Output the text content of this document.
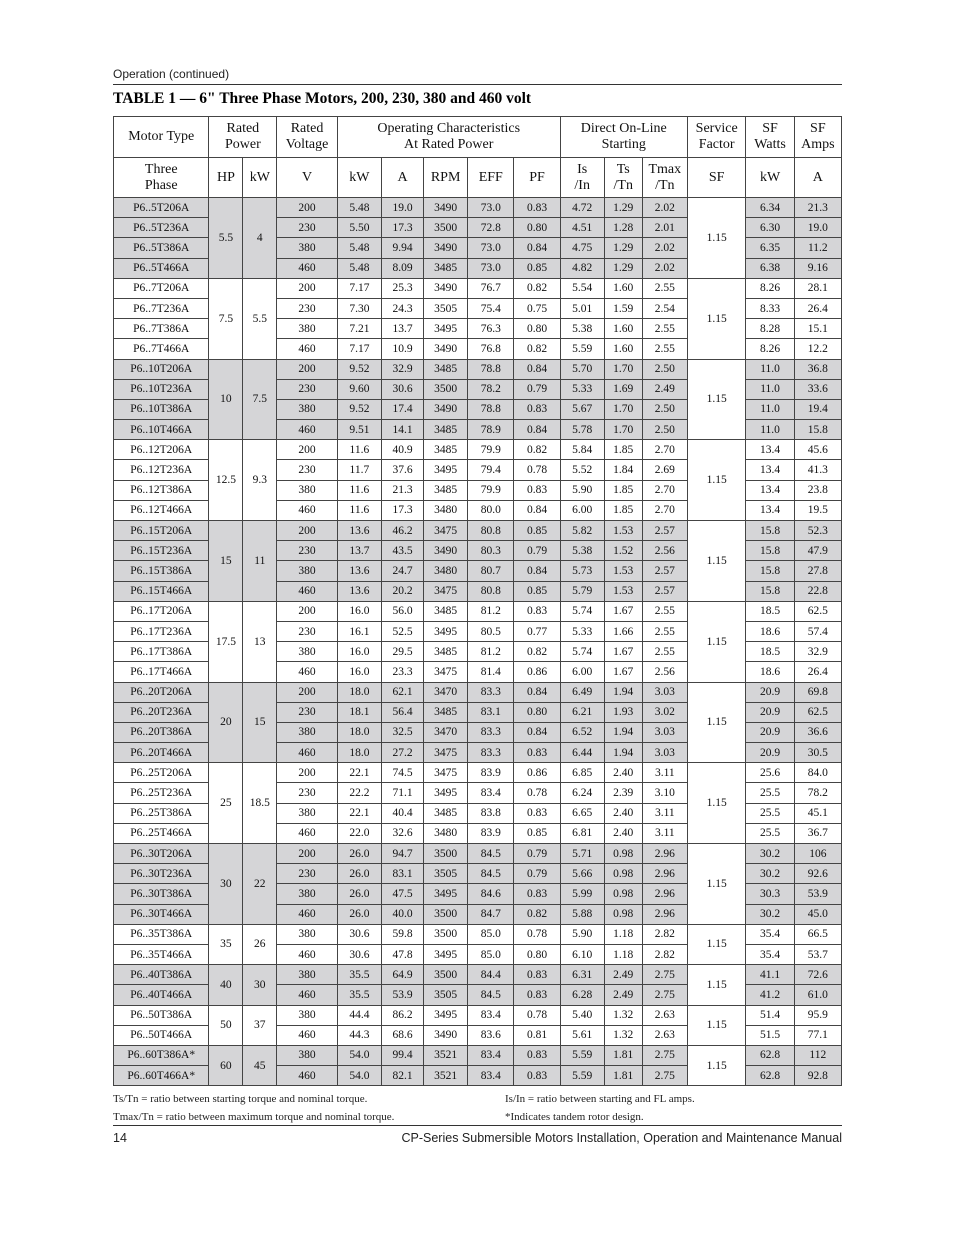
Operation (continued)
TABLE 1 — 6" Three Phase Motors, 200, 230, 380 and 460 volt
Motor Type	Rated Power		Rated Voltage	Operating Characteristics At Rated Power					Direct On-Line Starting			Service Factor	SF Watts	SF Amps
Three Phase	HP	kW	V	kW	A	RPM	EFF	PF	Is /In	Ts /Tn	Tmax /Tn	SF	kW	A
P6..5T206A	5.5	4	200	5.48	19.0	3490	73.0	0.83	4.72	1.29	2.02	1.15	6.34	21.3
P6..5T236A			230	5.50	17.3	3500	72.8	0.80	4.51	1.28	2.01		6.30	19.0
P6..5T386A			380	5.48	9.94	3490	73.0	0.84	4.75	1.29	2.02		6.35	11.2
P6..5T466A			460	5.48	8.09	3485	73.0	0.85	4.82	1.29	2.02		6.38	9.16
P6..7T206A	7.5	5.5	200	7.17	25.3	3490	76.7	0.82	5.54	1.60	2.55	1.15	8.26	28.1
P6..7T236A			230	7.30	24.3	3505	75.4	0.75	5.01	1.59	2.54		8.33	26.4
P6..7T386A			380	7.21	13.7	3495	76.3	0.80	5.38	1.60	2.55		8.28	15.1
P6..7T466A			460	7.17	10.9	3490	76.8	0.82	5.59	1.60	2.55		8.26	12.2
P6..10T206A	10	7.5	200	9.52	32.9	3485	78.8	0.84	5.70	1.70	2.50	1.15	11.0	36.8
P6..10T236A			230	9.60	30.6	3500	78.2	0.79	5.33	1.69	2.49		11.0	33.6
P6..10T386A			380	9.52	17.4	3490	78.8	0.83	5.67	1.70	2.50		11.0	19.4
P6..10T466A			460	9.51	14.1	3485	78.9	0.84	5.78	1.70	2.50		11.0	15.8
P6..12T206A	12.5	9.3	200	11.6	40.9	3485	79.9	0.82	5.84	1.85	2.70	1.15	13.4	45.6
P6..12T236A			230	11.7	37.6	3495	79.4	0.78	5.52	1.84	2.69		13.4	41.3
P6..12T386A			380	11.6	21.3	3485	79.9	0.83	5.90	1.85	2.70		13.4	23.8
P6..12T466A			460	11.6	17.3	3480	80.0	0.84	6.00	1.85	2.70		13.4	19.5
P6..15T206A	15	11	200	13.6	46.2	3475	80.8	0.85	5.82	1.53	2.57	1.15	15.8	52.3
P6..15T236A			230	13.7	43.5	3490	80.3	0.79	5.38	1.52	2.56		15.8	47.9
P6..15T386A			380	13.6	24.7	3480	80.7	0.84	5.73	1.53	2.57		15.8	27.8
P6..15T466A			460	13.6	20.2	3475	80.8	0.85	5.79	1.53	2.57		15.8	22.8
P6..17T206A	17.5	13	200	16.0	56.0	3485	81.2	0.83	5.74	1.67	2.55	1.15	18.5	62.5
P6..17T236A			230	16.1	52.5	3495	80.5	0.77	5.33	1.66	2.55		18.6	57.4
P6..17T386A			380	16.0	29.5	3485	81.2	0.82	5.74	1.67	2.55		18.5	32.9
P6..17T466A			460	16.0	23.3	3475	81.4	0.86	6.00	1.67	2.56		18.6	26.4
P6..20T206A	20	15	200	18.0	62.1	3470	83.3	0.84	6.49	1.94	3.03	1.15	20.9	69.8
P6..20T236A			230	18.1	56.4	3485	83.1	0.80	6.21	1.93	3.02		20.9	62.5
P6..20T386A			380	18.0	32.5	3470	83.3	0.84	6.52	1.94	3.03		20.9	36.6
P6..20T466A			460	18.0	27.2	3475	83.3	0.83	6.44	1.94	3.03		20.9	30.5
P6..25T206A	25	18.5	200	22.1	74.5	3475	83.9	0.86	6.85	2.40	3.11	1.15	25.6	84.0
P6..25T236A			230	22.2	71.1	3495	83.4	0.78	6.24	2.39	3.10		25.5	78.2
P6..25T386A			380	22.1	40.4	3485	83.8	0.83	6.65	2.40	3.11		25.5	45.1
P6..25T466A			460	22.0	32.6	3480	83.9	0.85	6.81	2.40	3.11		25.5	36.7
P6..30T206A	30	22	200	26.0	94.7	3500	84.5	0.79	5.71	0.98	2.96	1.15	30.2	106
P6..30T236A			230	26.0	83.1	3505	84.5	0.79	5.66	0.98	2.96		30.2	92.6
P6..30T386A			380	26.0	47.5	3495	84.6	0.83	5.99	0.98	2.96		30.3	53.9
P6..30T466A			460	26.0	40.0	3500	84.7	0.82	5.88	0.98	2.96		30.2	45.0
P6..35T386A	35	26	380	30.6	59.8	3500	85.0	0.78	5.90	1.18	2.82	1.15	35.4	66.5
P6..35T466A			460	30.6	47.8	3495	85.0	0.80	6.10	1.18	2.82		35.4	53.7
P6..40T386A	40	30	380	35.5	64.9	3500	84.4	0.83	6.31	2.49	2.75	1.15	41.1	72.6
P6..40T466A			460	35.5	53.9	3505	84.5	0.83	6.28	2.49	2.75		41.2	61.0
P6..50T386A	50	37	380	44.4	86.2	3495	83.4	0.78	5.40	1.32	2.63	1.15	51.4	95.9
P6..50T466A			460	44.3	68.6	3490	83.6	0.81	5.61	1.32	2.63		51.5	77.1
P6..60T386A*	60	45	380	54.0	99.4	3521	83.4	0.83	5.59	1.81	2.75	1.15	62.8	112
P6..60T466A*			460	54.0	82.1	3521	83.4	0.83	5.59	1.81	2.75		62.8	92.8
Ts/Tn = ratio between starting torque and nominal torque.
Tmax/Tn = ratio between maximum torque and nominal torque.
Is/In = ratio between starting and FL amps.
*Indicates tandem rotor design.
14	CP-Series Submersible Motors Installation, Operation and Maintenance Manual
